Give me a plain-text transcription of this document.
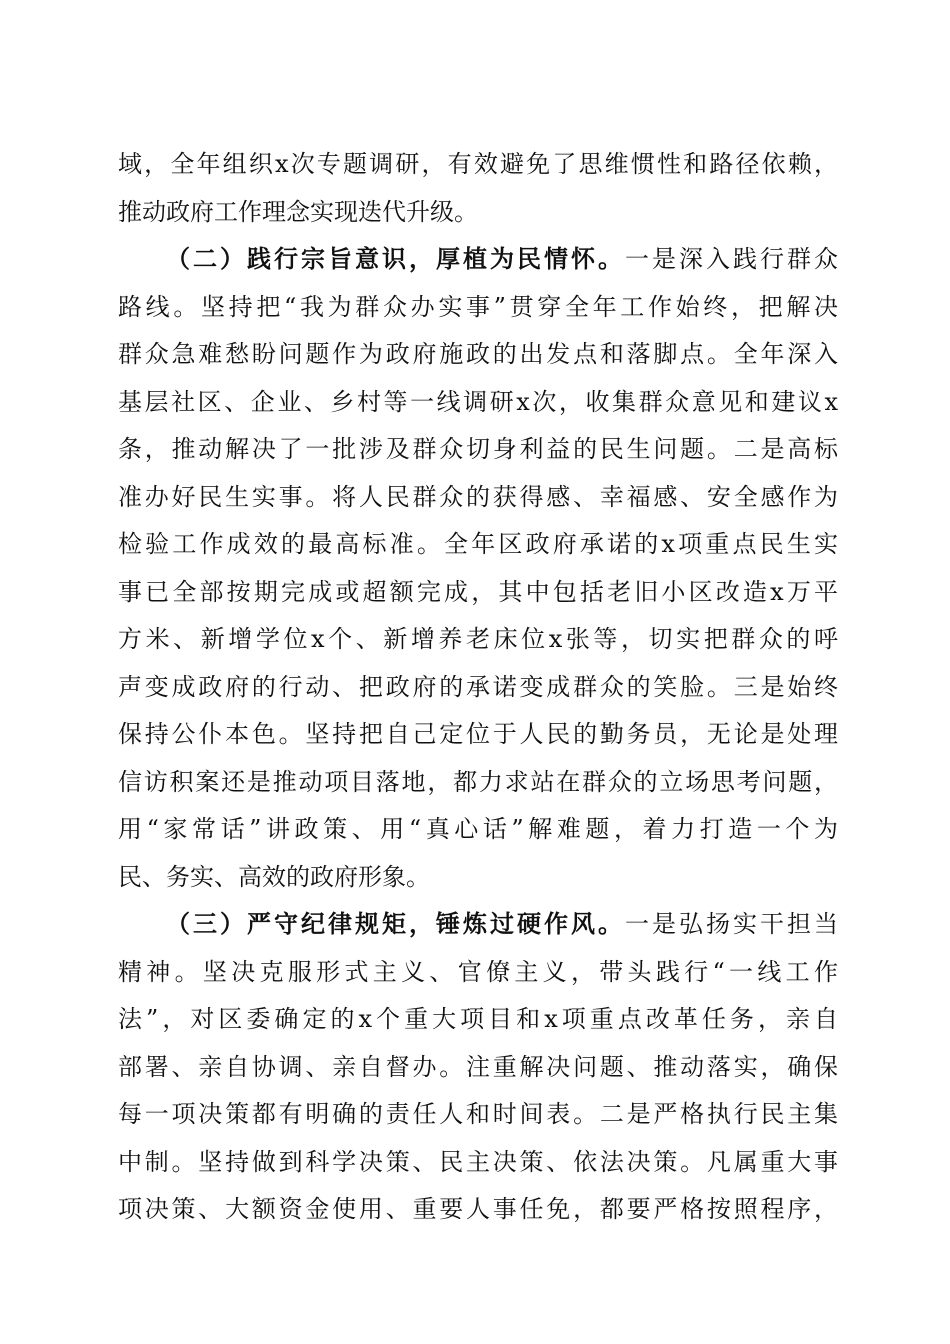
域，全年组织x次专题调研，有效避免了思维惯性和路径依赖，
推动政府工作理念实现迭代升级。
（二）践行宗旨意识，厚植为民情怀。一是深入践行群众
路线。坚持把“我为群众办实事”贯穿全年工作始终，把解决
群众急难愁盼问题作为政府施政的出发点和落脚点。全年深入
基层社区、企业、乡村等一线调研x次，收集群众意见和建议x
条，推动解决了一批涉及群众切身利益的民生问题。二是高标
准办好民生实事。将人民群众的获得感、幸福感、安全感作为
检验工作成效的最高标准。全年区政府承诺的x项重点民生实
事已全部按期完成或超额完成，其中包括老旧小区改造x万平
方米、新增学位x个、新增养老床位x张等，切实把群众的呼
声变成政府的行动、把政府的承诺变成群众的笑脸。三是始终
保持公仆本色。坚持把自己定位于人民的勤务员，无论是处理
信访积案还是推动项目落地，都力求站在群众的立场思考问题，
用“家常话”讲政策、用“真心话”解难题，着力打造一个为
民、务实、高效的政府形象。
（三）严守纪律规矩，锤炼过硬作风。一是弘扬实干担当
精神。坚决克服形式主义、官僚主义，带头践行“一线工作
法”，对区委确定的x个重大项目和x项重点改革任务，亲自
部署、亲自协调、亲自督办。注重解决问题、推动落实，确保
每一项决策都有明确的责任人和时间表。二是严格执行民主集
中制。坚持做到科学决策、民主决策、依法决策。凡属重大事
项决策、大额资金使用、重要人事任免，都要严格按照程序，
